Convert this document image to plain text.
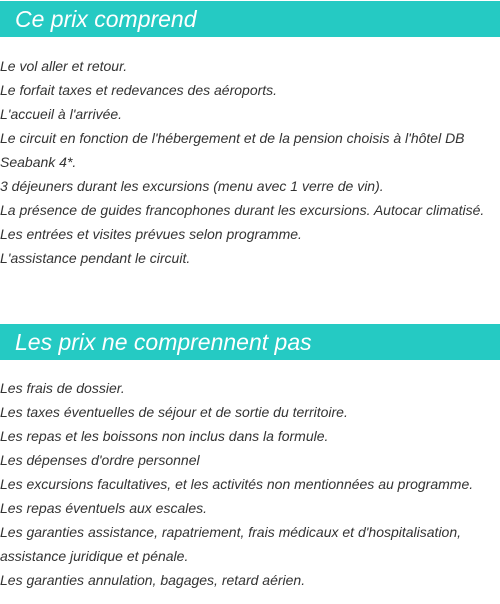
Ce prix comprend
Le vol aller et retour.
Le forfait taxes et redevances des aéroports.
L'accueil à l'arrivée.
Le circuit en fonction de l'hébergement et de la pension choisis à l'hôtel DB Seabank 4*.
3 déjeuners durant les excursions (menu avec 1 verre de vin).
La présence de guides francophones durant les excursions. Autocar climatisé.
Les entrées et visites prévues selon programme.
L'assistance pendant le circuit.
Les prix ne comprennent pas
Les frais de dossier.
Les taxes éventuelles de séjour et de sortie du territoire.
Les repas et les boissons non inclus dans la formule.
Les dépenses d'ordre personnel
Les excursions facultatives, et les activités non mentionnées au programme.
Les repas éventuels aux escales.
Les garanties assistance, rapatriement, frais médicaux et d'hospitalisation, assistance juridique et pénale.
Les garanties annulation, bagages, retard aérien.
